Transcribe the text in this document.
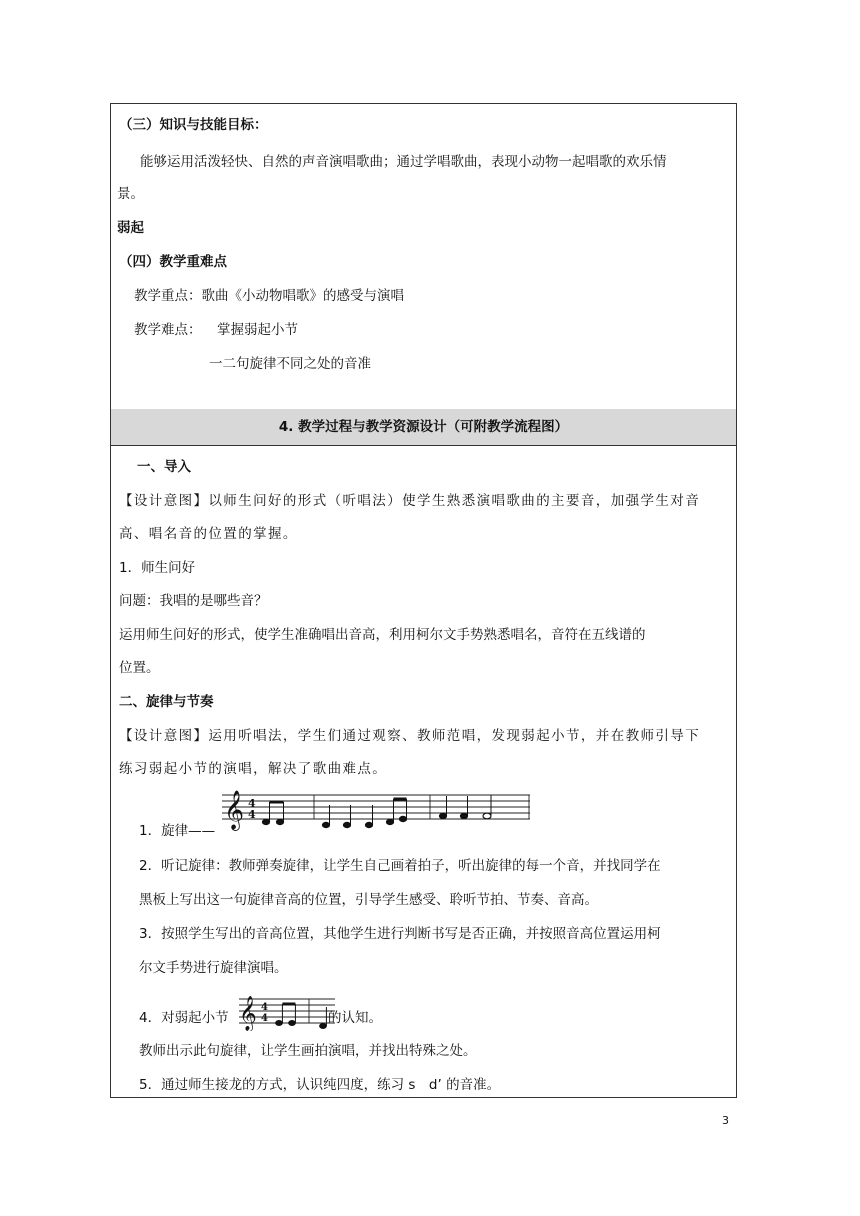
（三）知识与技能目标：
能够运用活泼轻快、自然的声音演唱歌曲；通过学唱歌曲，表现小动物一起唱歌的欢乐情
景。
弱起
（四）教学重难点
教学重点：歌曲《小动物唱歌》的感受与演唱
教学难点： 掌握弱起小节
一二句旋律不同之处的音准
4. 教学过程与教学资源设计（可附教学流程图）
一、导入
【设计意图】以师生问好的形式（听唱法）使学生熟悉演唱歌曲的主要音，加强学生对音
高、唱名音的位置的掌握。
1．师生问好
问题：我唱的是哪些音？
运用师生问好的形式，使学生准确唱出音高，利用柯尔文手势熟悉唱名，音符在五线谱的
位置。
二、旋律与节奏
【设计意图】运用听唱法，学生们通过观察、教师范唱，发现弱起小节，并在教师引导下
练习弱起小节的演唱，解决了歌曲难点。
1．旋律——
𝄞 4
4
2．听记旋律：教师弹奏旋律，让学生自己画着拍子，听出旋律的每一个音，并找同学在
黑板上写出这一句旋律音高的位置，引导学生感受、聆听节拍、节奏、音高。
3．按照学生写出的音高位置，其他学生进行判断书写是否正确，并按照音高位置运用柯
尔文手势进行旋律演唱。
4．对弱起小节 𝄞 4
4	的认知。
教师出示此句旋律，让学生画拍演唱，并找出特殊之处。
5．通过师生接龙的方式，认识纯四度，练习 s　d’ 的音准。
3
